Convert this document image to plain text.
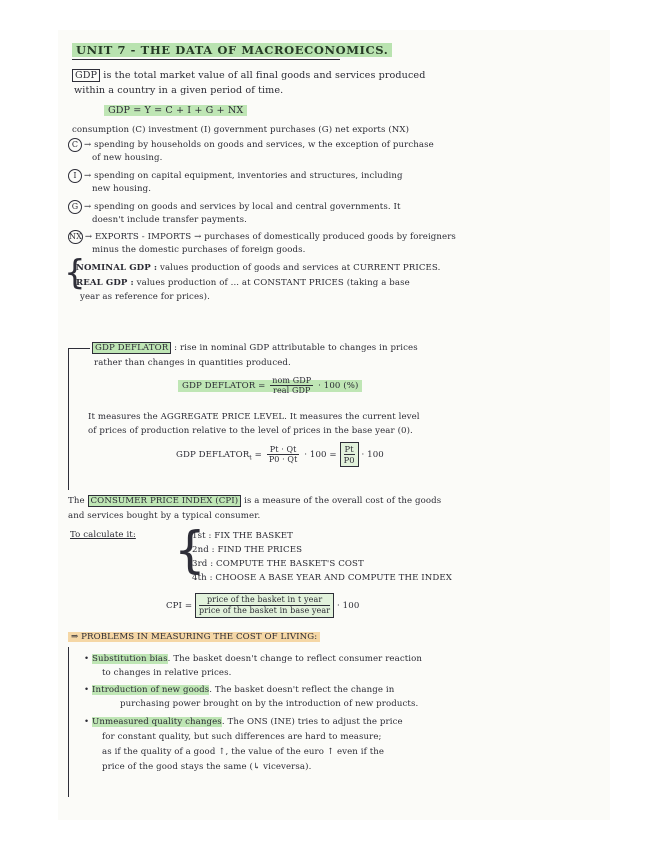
UNIT 7 - THE DATA OF MACROECONOMICS.
GDP is the total market value of all final goods and services produced
within a country in a given period of time.
GDP = Y = C + I + G + NX
consumption (C) investment (I) government purchases (G) net exports (NX)
C → spending by households on goods and services, w the exception of purchase
of new housing.
I → spending on capital equipment, inventories and structures, including
new housing.
G → spending on goods and services by local and central governments. It
doesn't include transfer payments.
NX → EXPORTS - IMPORTS → purchases of domestically produced goods by foreigners
minus the domestic purchases of foreign goods.
{
NOMINAL GDP : values production of goods and services at CURRENT PRICES.
REAL GDP : values production of ... at CONSTANT PRICES (taking a base
year as reference for prices).
GDP DEFLATOR : rise in nominal GDP attributable to changes in prices
rather than changes in quantities produced.
GDP DEFLATOR = $\frac{\text{nom GDP}}{\text{real GDP}} \cdot 100$ (%)
It measures the AGGREGATE PRICE LEVEL. It measures the current level
of prices of production relative to the level of prices in the base year (0).
GDP $DEFLATOR_t = \frac{Pt \cdot Qt}{P0 \cdot Qt} \cdot 100 = \frac{Pt}{P0} \cdot 100$
The CONSUMER PRICE INDEX (CPI) is a measure of the overall cost of the goods
and services bought by a typical consumer.
To calculate it: {
1st : FIX THE BASKET
2nd : FIND THE PRICES
3rd : COMPUTE THE BASKET'S COST
4th : CHOOSE A BASE YEAR AND COMPUTE THE INDEX
CPI = $\frac{\text{price of the basket in t year}}{\text{price of the basket in base year}} \cdot 100$
⇒ PROBLEMS IN MEASURING THE COST OF LIVING:
• Substitution bias. The basket doesn't change to reflect consumer reaction
to changes in relative prices.
• Introduction of new goods. The basket doesn't reflect the change in
purchasing power brought on by the introduction of new products.
• Unmeasured quality changes. The ONS (INE) tries to adjust the price
for constant quality, but such differences are hard to measure;
as if the quality of a good ↑, the value of the euro ↑ even if the
price of the good stays the same (↳ viceversa).
